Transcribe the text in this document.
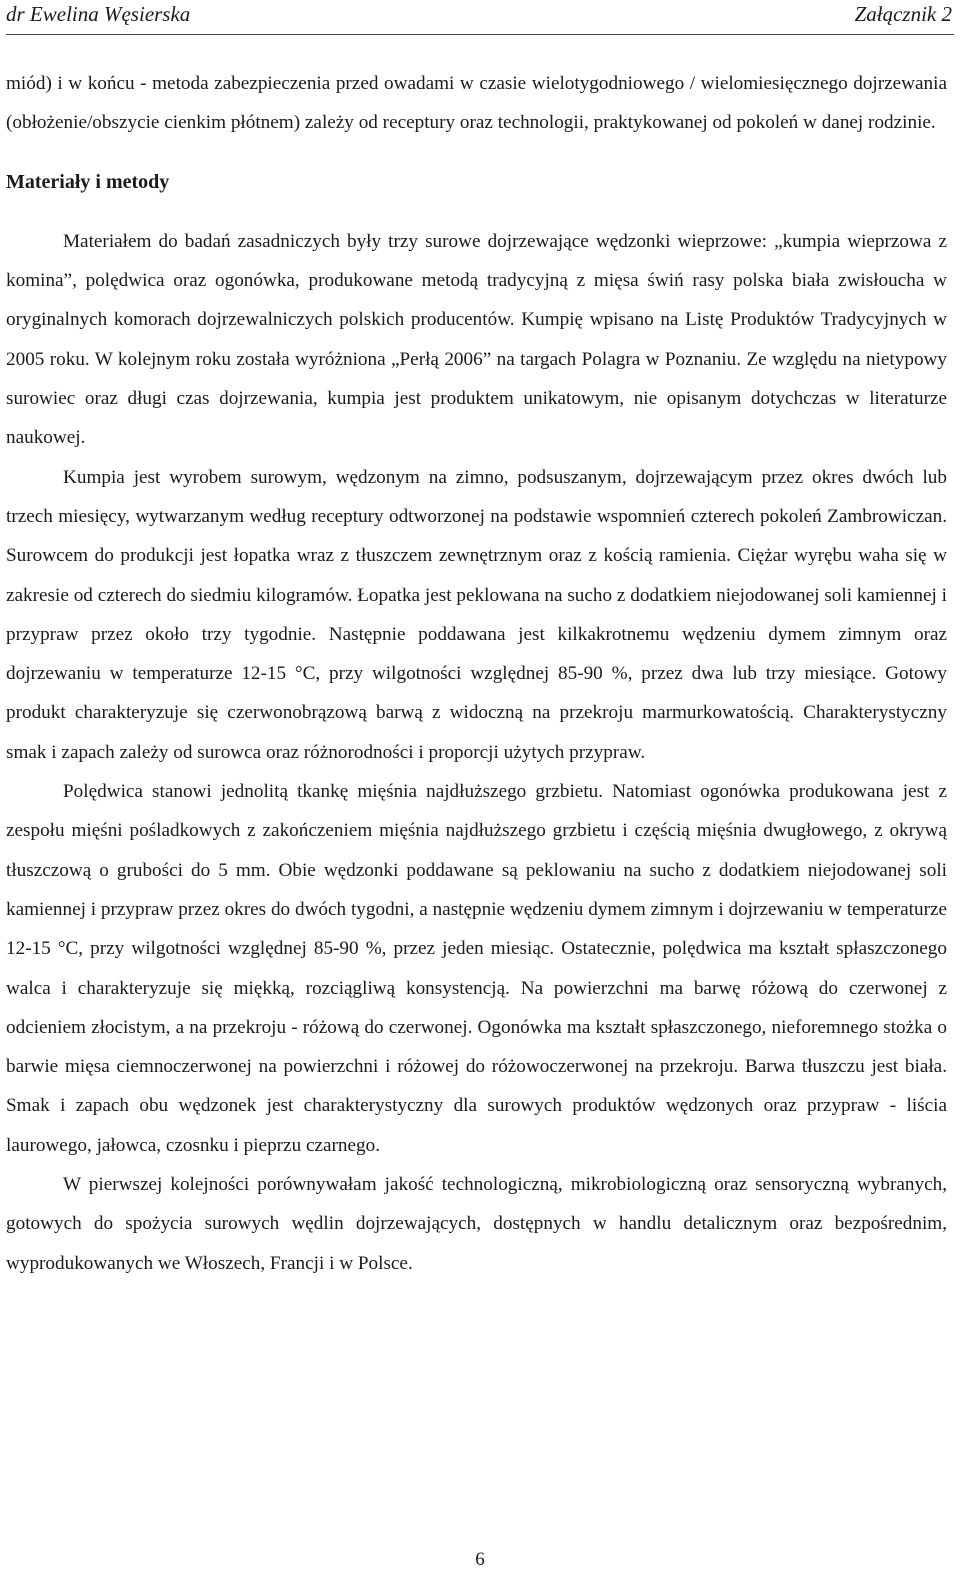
dr Ewelina Węsierska	Załącznik 2

miód) i w końcu - metoda zabezpieczenia przed owadami w czasie wielotygodniowego / wielomiesięcznego dojrzewania (obłożenie/obszycie cienkim płótnem) zależy od receptury oraz technologii, praktykowanej od pokoleń w danej rodzinie.

Materiały i metody

Materiałem do badań zasadniczych były trzy surowe dojrzewające wędzonki wieprzowe: „kumpia wieprzowa z komina”, polędwica oraz ogonówka, produkowane metodą tradycyjną z mięsa świń rasy polska biała zwisłoucha w oryginalnych komorach dojrzewalniczych polskich producentów. Kumpię wpisano na Listę Produktów Tradycyjnych w 2005 roku. W kolejnym roku została wyróżniona „Perłą 2006” na targach Polagra w Poznaniu. Ze względu na nietypowy surowiec oraz długi czas dojrzewania, kumpia jest produktem unikatowym, nie opisanym dotychczas w literaturze naukowej.

Kumpia jest wyrobem surowym, wędzonym na zimno, podsuszanym, dojrzewającym przez okres dwóch lub trzech miesięcy, wytwarzanym według receptury odtworzonej na podstawie wspomnień czterech pokoleń Zambrowiczan. Surowcem do produkcji jest łopatka wraz z tłuszczem zewnętrznym oraz z kością ramienia. Ciężar wyrębu waha się w zakresie od czterech do siedmiu kilogramów. Łopatka jest peklowana na sucho z dodatkiem niejodowanej soli kamiennej i przypraw przez około trzy tygodnie. Następnie poddawana jest kilkakrotnemu wędzeniu dymem zimnym oraz dojrzewaniu w temperaturze 12-15 °C, przy wilgotności względnej 85-90 %, przez dwa lub trzy miesiące. Gotowy produkt charakteryzuje się czerwonobrązową barwą z widoczną na przekroju marmurkowatością. Charakterystyczny smak i zapach zależy od surowca oraz różnorodności i proporcji użytych przypraw.

Polędwica stanowi jednolitą tkankę mięśnia najdłuższego grzbietu. Natomiast ogonówka produkowana jest z zespołu mięśni pośladkowych z zakończeniem mięśnia najdłuższego grzbietu i częścią mięśnia dwugłowego, z okrywą tłuszczową o grubości do 5 mm. Obie wędzonki poddawane są peklowaniu na sucho z dodatkiem niejodowanej soli kamiennej i przypraw przez okres do dwóch tygodni, a następnie wędzeniu dymem zimnym i dojrzewaniu w temperaturze 12-15 °C, przy wilgotności względnej 85-90 %, przez jeden miesiąc. Ostatecznie, polędwica ma kształt spłaszczonego walca i charakteryzuje się miękką, rozciągliwą konsystencją. Na powierzchni ma barwę różową do czerwonej z odcieniem złocistym, a na przekroju - różową do czerwonej. Ogonówka ma kształt spłaszczonego, nieforemnego stożka o barwie mięsa ciemnoczerwonej na powierzchni i różowej do różowoczerwonej na przekroju. Barwa tłuszczu jest biała. Smak i zapach obu wędzonek jest charakterystyczny dla surowych produktów wędzonych oraz przypraw - liścia laurowego, jałowca, czosnku i pieprzu czarnego.

W pierwszej kolejności porównywałam jakość technologiczną, mikrobiologiczną oraz sensoryczną wybranych, gotowych do spożycia surowych wędlin dojrzewających, dostępnych w handlu detalicznym oraz bezpośrednim, wyprodukowanych we Włoszech, Francji i w Polsce.

6
